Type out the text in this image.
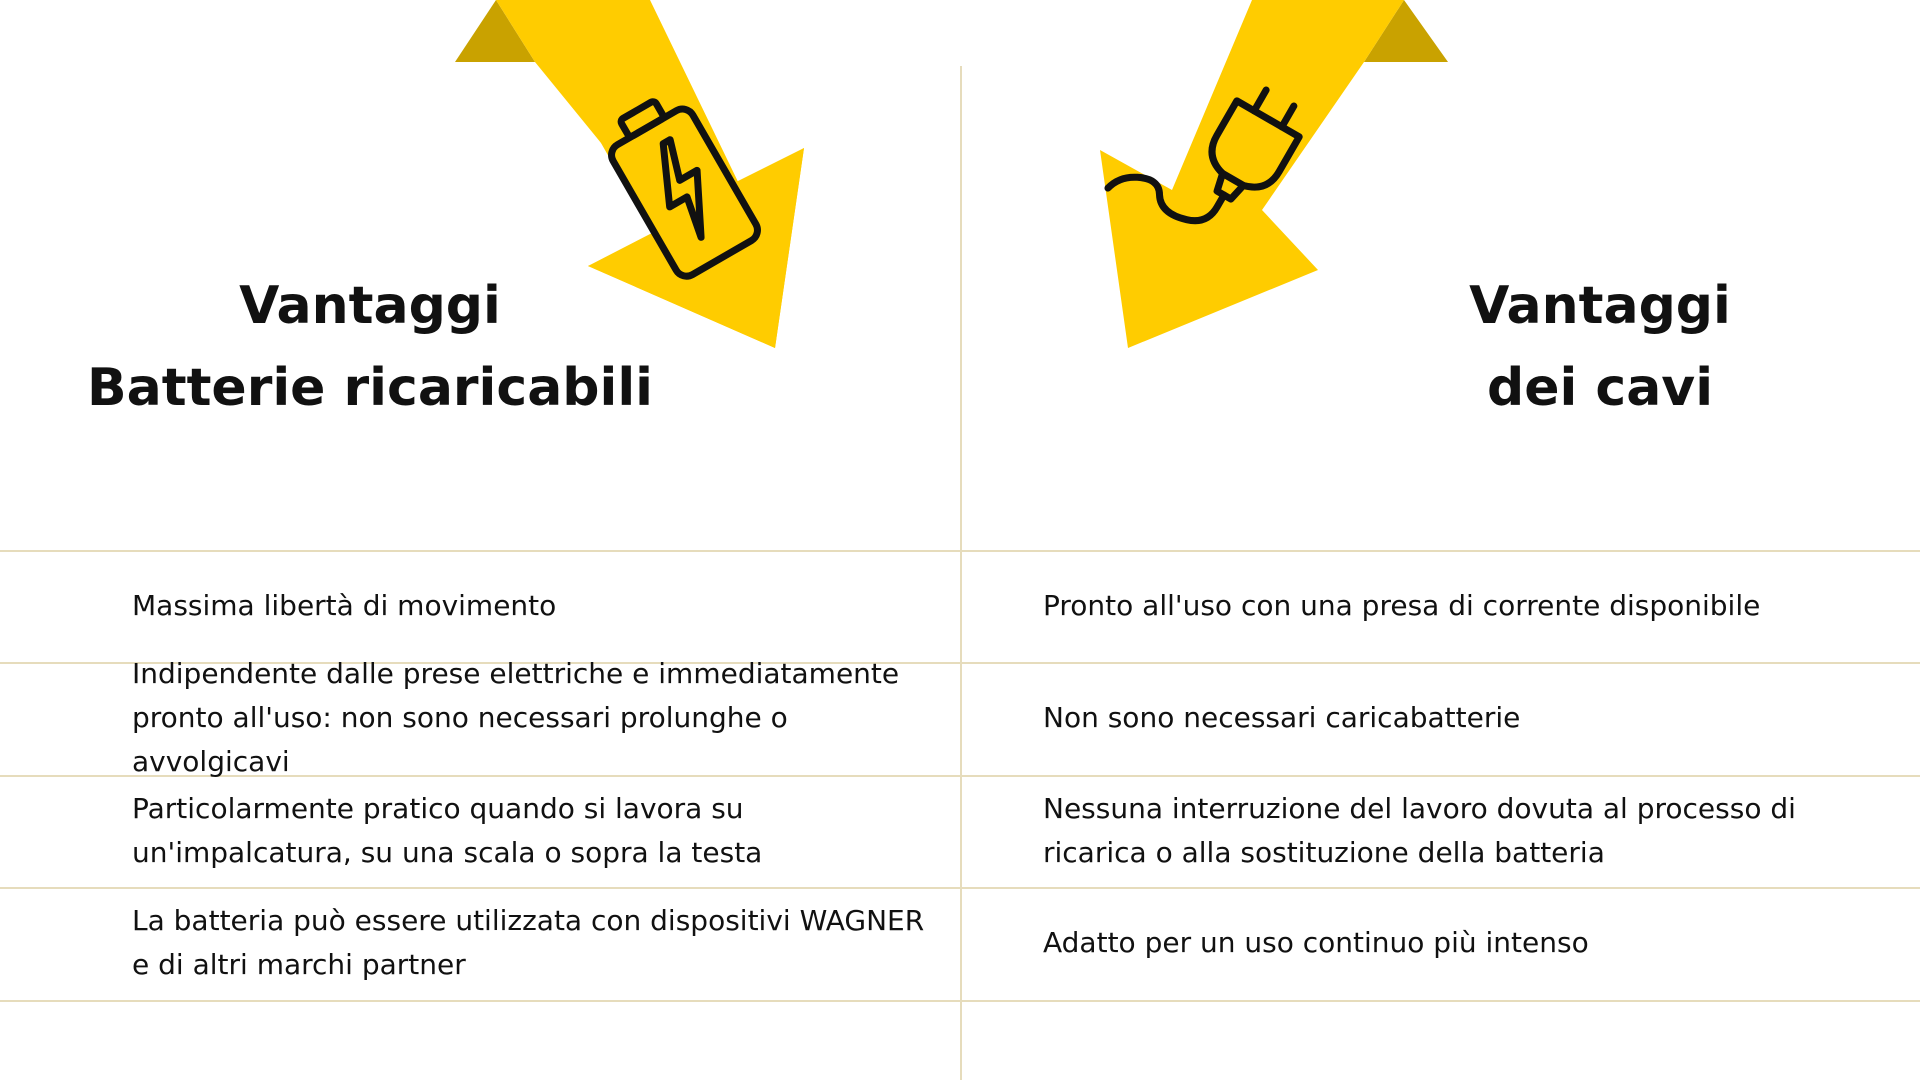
Vantaggi
Batterie ricaricabili
Vantaggi
dei cavi
Massima libertà di movimento
Indipendente dalle prese elettriche e immediatamente
pronto all'uso: non sono necessari prolunghe o avvolgicavi
Particolarmente pratico quando si lavora su
un'impalcatura, su una scala o sopra la testa
La batteria può essere utilizzata con dispositivi WAGNER
e di altri marchi partner
Pronto all'uso con una presa di corrente disponibile
Non sono necessari caricabatterie
Nessuna interruzione del lavoro dovuta al processo di
ricarica o alla sostituzione della batteria
Adatto per un uso continuo più intenso
